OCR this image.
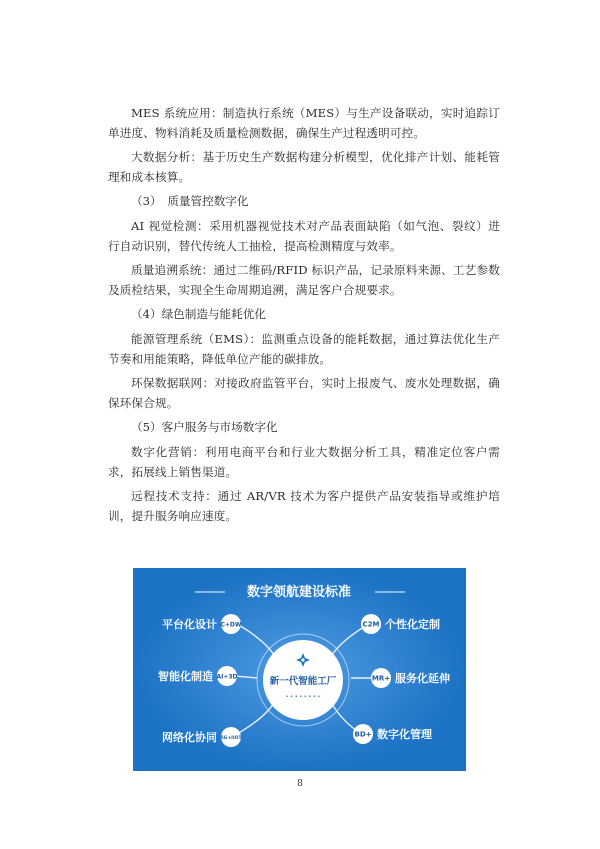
MES 系统应用：制造执行系统（MES）与生产设备联动，实时追踪订单进度、物料消耗及质量检测数据，确保生产过程透明可控。

大数据分析：基于历史生产数据构建分析模型，优化排产计划、能耗管理和成本核算。

（3）　质量管控数字化

AI 视觉检测：采用机器视觉技术对产品表面缺陷（如气泡、裂纹）进行自动识别，替代传统人工抽检，提高检测精度与效率。

质量追溯系统：通过二维码/RFID 标识产品，记录原料来源、工艺参数及质检结果，实现全生命周期追溯，满足客户合规要求。

（4）绿色制造与能耗优化

能源管理系统（EMS）：监测重点设备的能耗数据，通过算法优化生产节奏和用能策略，降低单位产能的碳排放。

环保数据联网：对接政府监管平台，实时上报废气、废水处理数据，确保环保合规。

（5）客户服务与市场数字化

数字化营销：利用电商平台和行业大数据分析工具，精准定位客户需求，拓展线上销售渠道。

远程技术支持：通过 AR/VR 技术为客户提供产品安装指导或维护培训，提升服务响应速度。

数字领航建设标准
新一代智能工厂
• • • • • • • •
C+DW	C2M
AI+3D	MR+
5G+IIOT	BD+
平台化设计	个性化定制
智能化制造	服务化延伸
网络化协同	数字化管理
8
